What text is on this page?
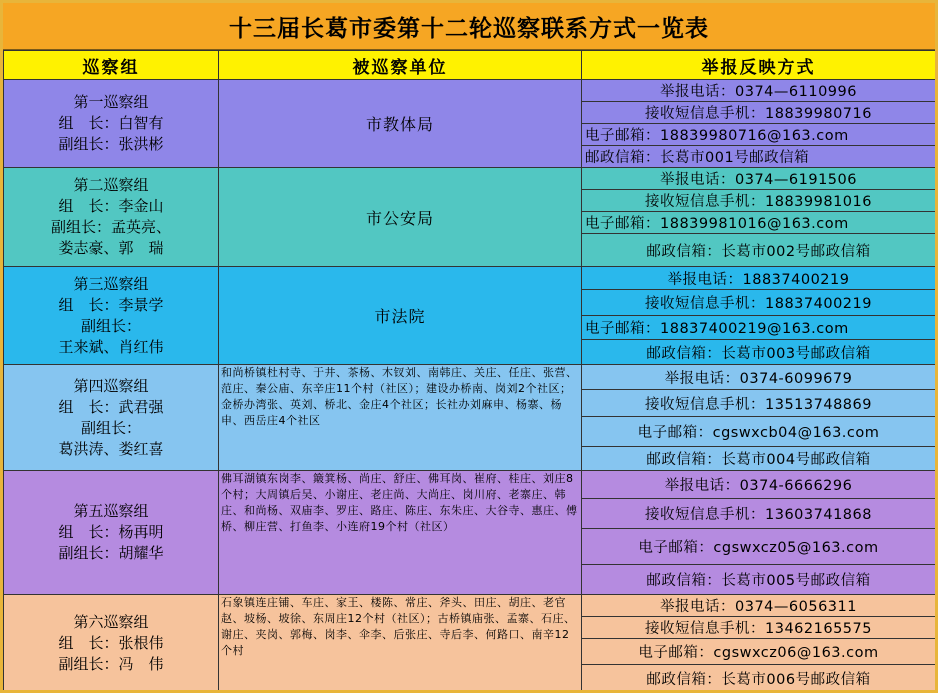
十三届长葛市委第十二轮巡察联系方式一览表
巡察组	被巡察单位	举报反映方式

第一巡察组
组　长：白智有
副组长：张洪彬	市教体局	举报电话：0374—6110996
		接收短信息手机：18839980716
		电子邮箱：18839980716@163.com
		邮政信箱：长葛市001号邮政信箱

第二巡察组
组　长：李金山
副组长：孟英亮、
娄志豪、郭　瑞	市公安局	举报电话：0374—6191506
		接收短信息手机：18839981016
		电子邮箱：18839981016@163.com
		邮政信箱：长葛市002号邮政信箱

第三巡察组
组　长：李景学
副组长：
王来斌、肖红伟	市法院	举报电话：18837400219
		接收短信息手机：18837400219
		电子邮箱：18837400219@163.com
		邮政信箱：长葛市003号邮政信箱

第四巡察组
组　长：武君强
副组长：
葛洪涛、娄红喜	和尚桥镇杜村寺、于井、茶杨、木钗刘、南韩庄、关庄、任庄、张营、范庄、秦公庙、东辛庄11个村（社区）；建设办桥南、岗刘2个社区；金桥办湾张、英刘、桥北、金庄4个社区；长社办刘麻申、杨寨、杨申、西岳庄4个社区	举报电话：0374-6099679
		接收短信息手机：13513748869
		电子邮箱：cgswxcb04@163.com
		邮政信箱：长葛市004号邮政信箱

第五巡察组
组　长：杨再明
副组长：胡耀华	佛耳湖镇东岗李、簸箕杨、尚庄、舒庄、佛耳岗、崔府、桂庄、刘庄8个村；大周镇后吴、小谢庄、老庄尚、大尚庄、岗川府、老寨庄、韩庄、和尚杨、双庙李、罗庄、路庄、陈庄、东朱庄、大谷寺、惠庄、傅桥、柳庄营、打鱼李、小连府19个村（社区）	举报电话：0374-6666296
		接收短信息手机：13603741868
		电子邮箱：cgswxcz05@163.com
		邮政信箱：长葛市005号邮政信箱

第六巡察组
组　长：张根伟
副组长：冯　伟	石象镇连庄铺、车庄、家王、楼陈、常庄、斧头、田庄、胡庄、老官赵、坡杨、坡徐、东周庄12个村（社区）；古桥镇庙张、孟寨、石庄、谢庄、夹岗、郭梅、岗李、伞李、后张庄、寺后李、何路口、南辛12个村	举报电话：0374—6056311
		接收短信息手机：13462165575
		电子邮箱：cgswxcz06@163.com
		邮政信箱：长葛市006号邮政信箱
